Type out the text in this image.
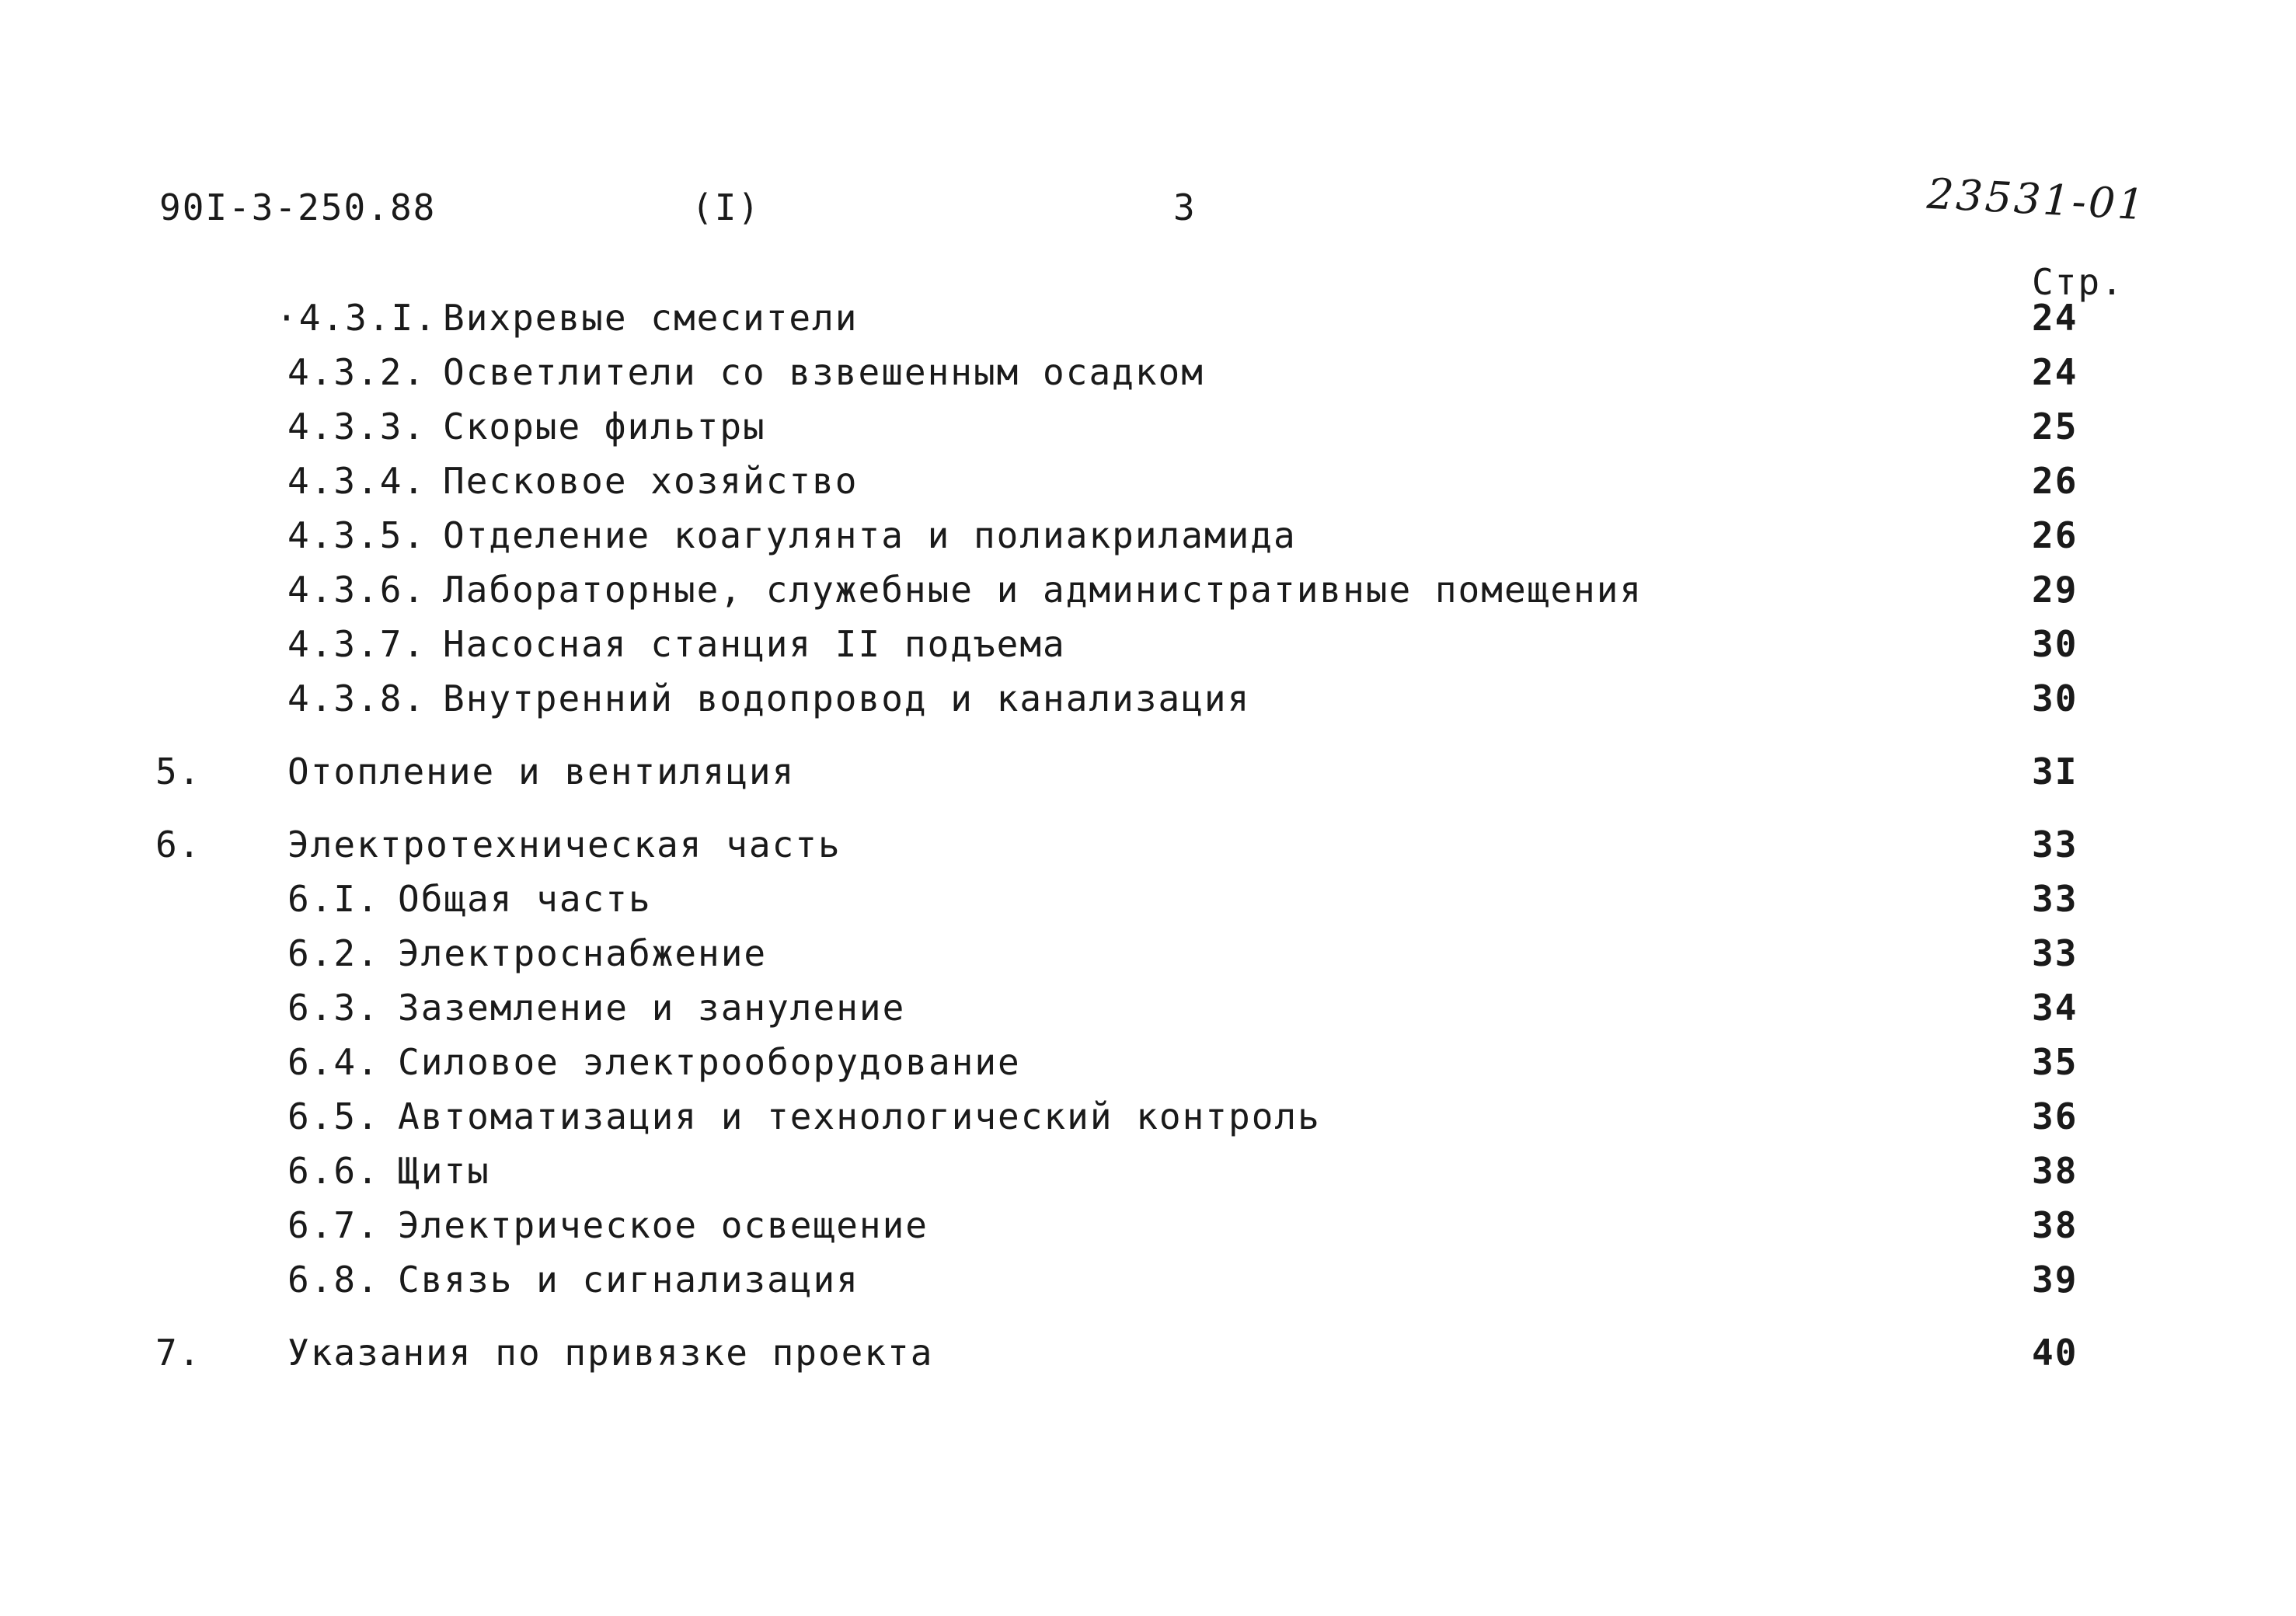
90I-3-250.88	(I)	3	23531-01
Стр.
·4.3.I. Вихревые смесители	24
4.3.2. Осветлители со взвешенным осадком	24
4.3.3. Скорые фильтры	25
4.3.4. Песковое хозяйство	26
4.3.5. Отделение коагулянта и полиакриламида	26
4.3.6. Лабораторные, служебные и административные помещения	29
4.3.7. Насосная станция II подъема	30
4.3.8. Внутренний водопровод и канализация	30
5. Отопление и вентиляция	3I
6. Электротехническая часть	33
6.I. Общая часть	33
6.2. Электроснабжение	33
6.3. Заземление и зануление	34
6.4. Силовое электрооборудование	35
6.5. Автоматизация и технологический контроль	36
6.6. Щиты	38
6.7. Электрическое освещение	38
6.8. Связь и сигнализация	39
7. Указания по привязке проекта	40
